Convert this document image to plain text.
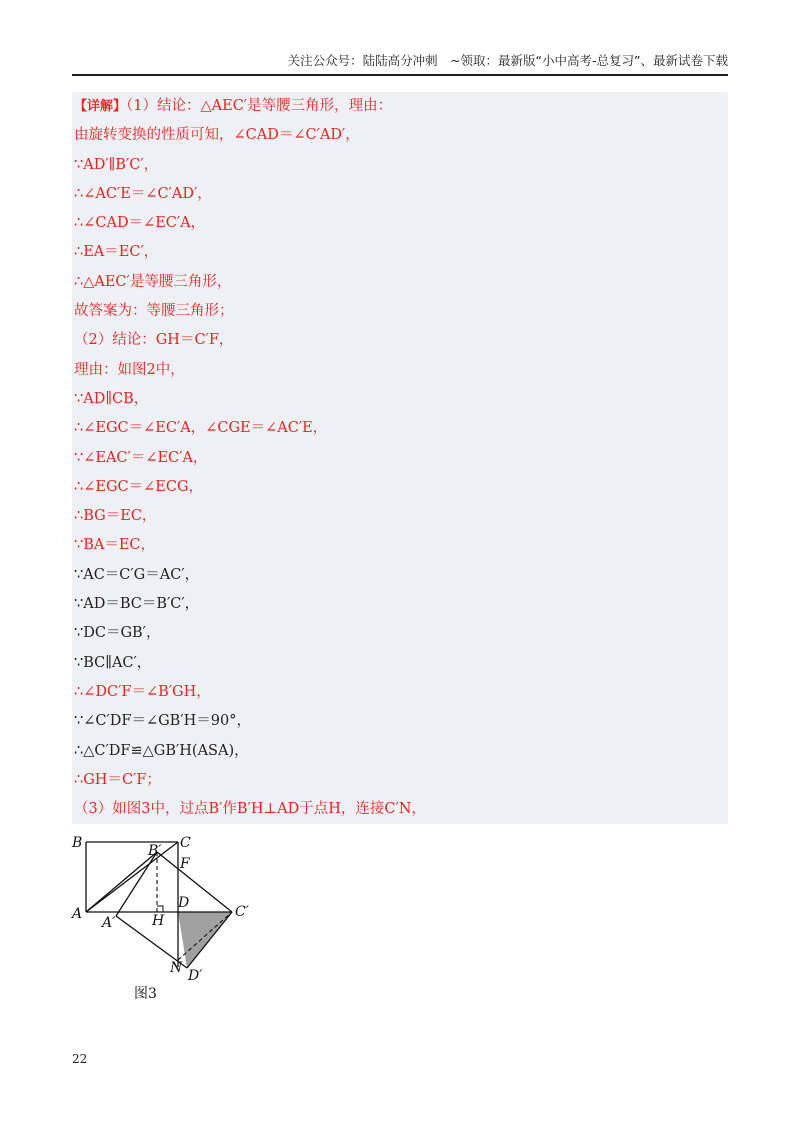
关注公众号：陆陆高分冲刺　~领取：最新版“小中高考-总复习”、最新试卷下载
【详解】（1）结论：△AEC′是等腰三角形，理由：
由旋转变换的性质可知，∠CAD＝∠C′AD′，
∵AD′∥B′C′，
∴∠AC′E＝∠C′AD′，
∴∠CAD＝∠EC′A，
∴EA＝EC′，
∴△AEC′是等腰三角形，
故答案为：等腰三角形；
（2）结论：GH＝C′F，
理由：如图2中，
∵AD∥CB，
∴∠EGC＝∠EC′A，∠CGE＝∠AC′E，
∵∠EAC′＝∠EC′A，
∴∠EGC＝∠ECG，
∴BG＝EC，
∵BA＝EC，
∵AC＝C′G＝AC′，
∵AD＝BC＝B′C′，
∵DC＝GB′，
∵BC∥AC′，
∴∠DC′F＝∠B′GH，
∵∠C′DF＝∠GB′H＝90°，
∴△C′DF≌△GB′H(ASA)，
∴GH＝C′F；
（3）如图3中，过点B′作B′H⊥AD于点H，连接C′N，
B	C
B′
F
A
A′	H
D
C′
N D′
图3
22
